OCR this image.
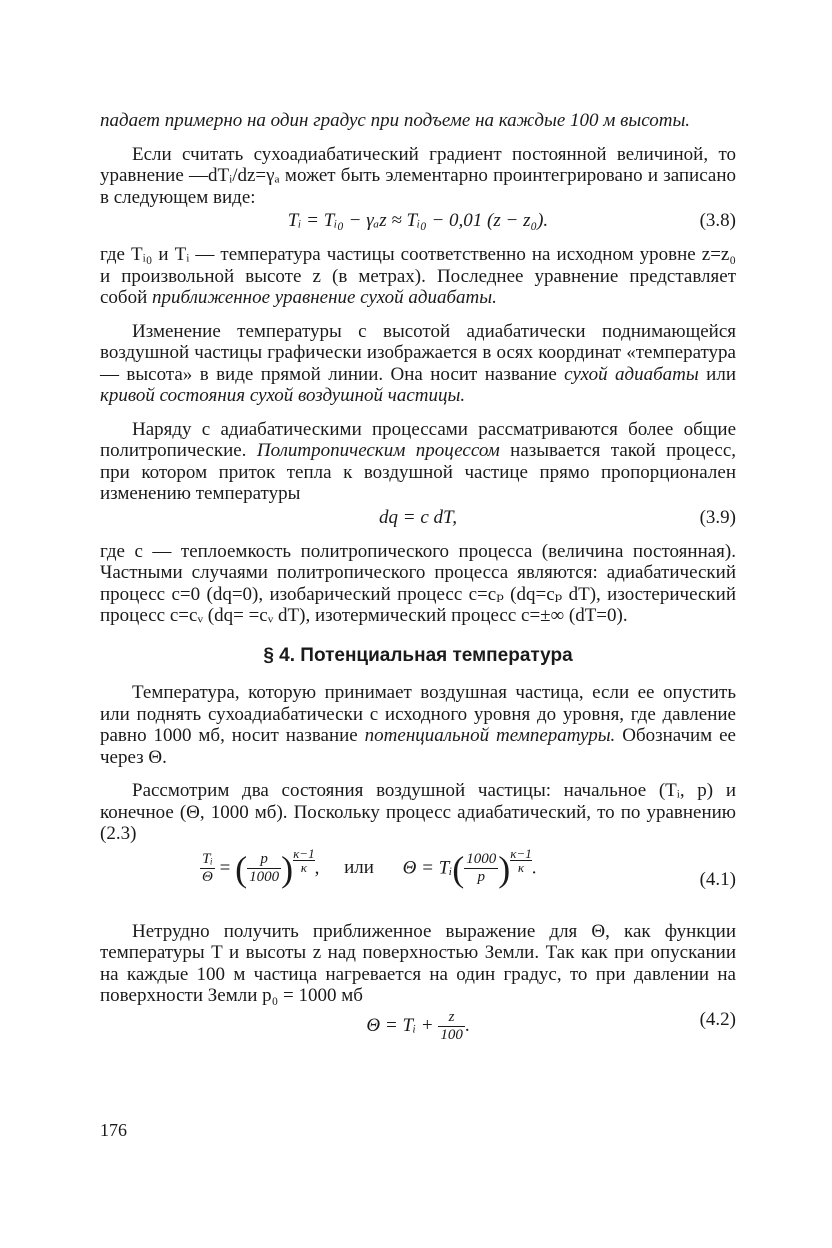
падает примерно на один градус при подъеме на каждые 100 м высоты.

Если считать сухоадиабатический градиент постоянной величиной, то уравнение —dTᵢ/dz=γₐ может быть элементарно проинтегрировано и записано в следующем виде:

Tᵢ = Tᵢ₀ − γₐz ≈ Tᵢ₀ − 0,01 (z − z₀).	(3.8)

где Tᵢ₀ и Tᵢ — температура частицы соответственно на исходном уровне z=z₀ и произвольной высоте z (в метрах). Последнее уравнение представляет собой приближенное уравнение сухой адиабаты.

Изменение температуры с высотой адиабатически поднимающейся воздушной частицы графически изображается в осях координат «температура — высота» в виде прямой линии. Она носит название сухой адиабаты или кривой состояния сухой воздушной частицы.

Наряду с адиабатическими процессами рассматриваются более общие политропические. Политропическим процессом называется такой процесс, при котором приток тепла к воздушной частице прямо пропорционален изменению температуры

dq = c dT,	(3.9)

где c — теплоемкость политропического процесса (величина постоянная). Частными случаями политропического процесса являются: адиабатический процесс c=0 (dq=0), изобарический процесс c=cₚ (dq=cₚ dT), изостерический процесс c=cᵥ (dq= =cᵥ dT), изотермический процесс c=±∞ (dT=0).

§ 4. Потенциальная температура

Температура, которую принимает воздушная частица, если ее опустить или поднять сухоадиабатически с исходного уровня до уровня, где давление равно 1000 мб, носит название потенциальной температуры. Обозначим ее через Θ.

Рассмотрим два состояния воздушной частицы: начальное (Tᵢ, p) и конечное (Θ, 1000 мб). Поскольку процесс адиабатический, то по уравнению (2.3)

$\frac{\text{Tᵢ}}{\Theta}$ = ( $\frac{p}{1000}$ ) $\frac{\kappa-1}{\kappa}$, или Θ = Tᵢ( $\frac{1000}{p}$ ) $\frac{\kappa-1}{\kappa}$.
(4.1)

Нетрудно получить приближенное выражение для Θ, как функции температуры T и высоты z над поверхностью Земли. Так как при опускании на каждые 100 м частица нагревается на один градус, то при давлении на поверхности Земли p₀ = 1000 мб

Θ = Tᵢ + $\frac{z}{100}$ .	(4.2)
176
